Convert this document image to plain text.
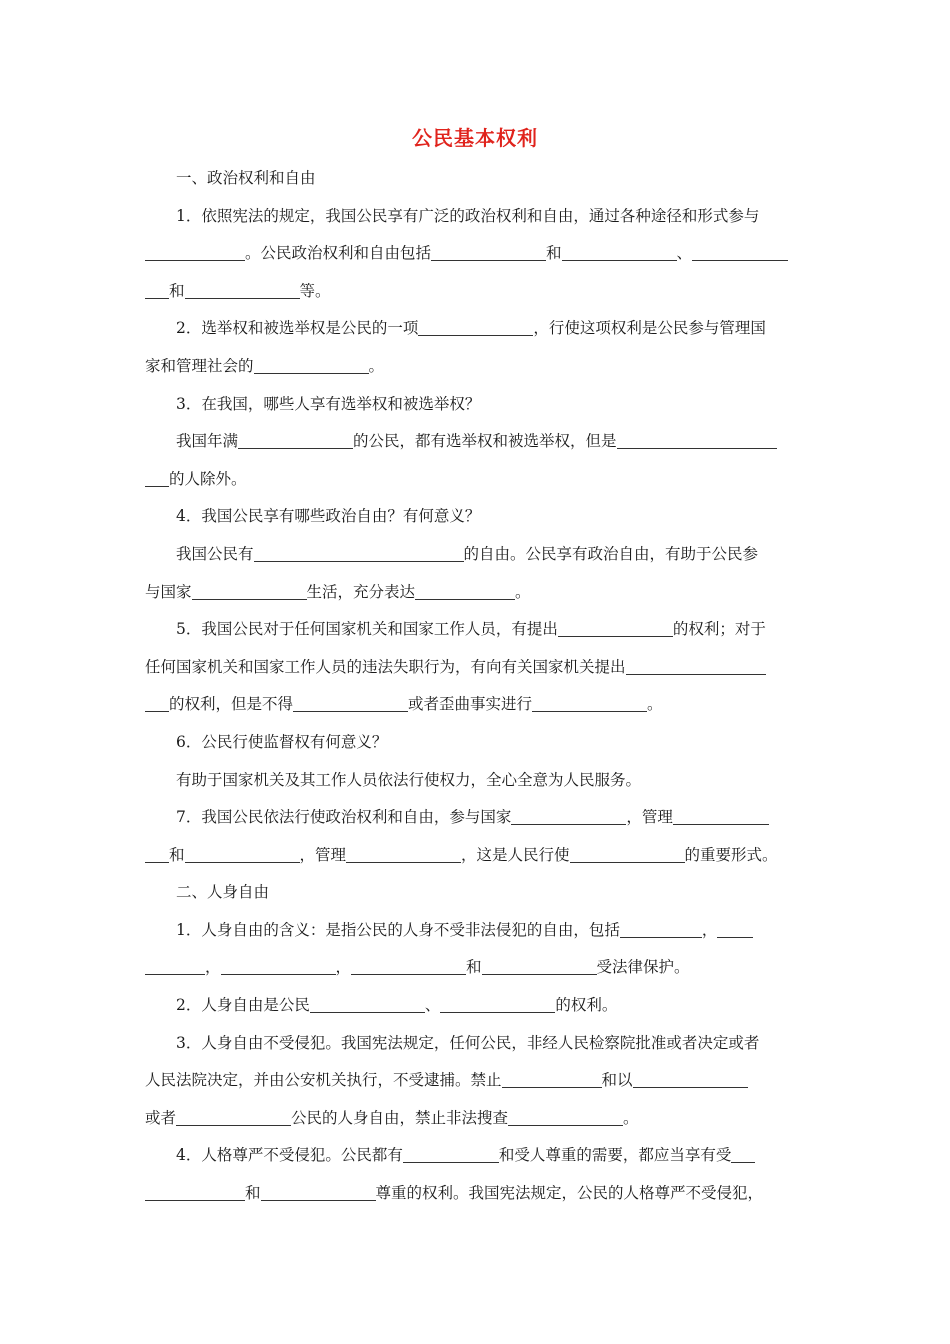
公民基本权利
一、政治权利和自由
1．依照宪法的规定，我国公民享有广泛的政治权利和自由，通过各种途径和形式参与
。公民政治权利和自由包括	和	、
和	等。
2．选举权和被选举权是公民的一项	，行使这项权利是公民参与管理国
家和管理社会的	。
3．在我国，哪些人享有选举权和被选举权？
我国年满	的公民，都有选举权和被选举权，但是
的人除外。
4．我国公民享有哪些政治自由？有何意义？
我国公民有	的自由。公民享有政治自由，有助于公民参
与国家	生活，充分表达	。
5．我国公民对于任何国家机关和国家工作人员，有提出	的权利；对于
任何国家机关和国家工作人员的违法失职行为，有向有关国家机关提出
的权利，但是不得	或者歪曲事实进行	。
6．公民行使监督权有何意义？
有助于国家机关及其工作人员依法行使权力，全心全意为人民服务。
7．我国公民依法行使政治权利和自由，参与国家	，管理
和	，管理	，这是人民行使	的重要形式。
二、人身自由
1．人身自由的含义：是指公民的人身不受非法侵犯的自由，包括	，
，	，	和	受法律保护。
2．人身自由是公民	、	的权利。
3．人身自由不受侵犯。我国宪法规定，任何公民，非经人民检察院批准或者决定或者
人民法院决定，并由公安机关执行，不受逮捕。禁止	和以
或者	公民的人身自由，禁止非法搜查	。
4．人格尊严不受侵犯。公民都有	和受人尊重的需要，都应当享有受
和	尊重的权利。我国宪法规定，公民的人格尊严不受侵犯，
